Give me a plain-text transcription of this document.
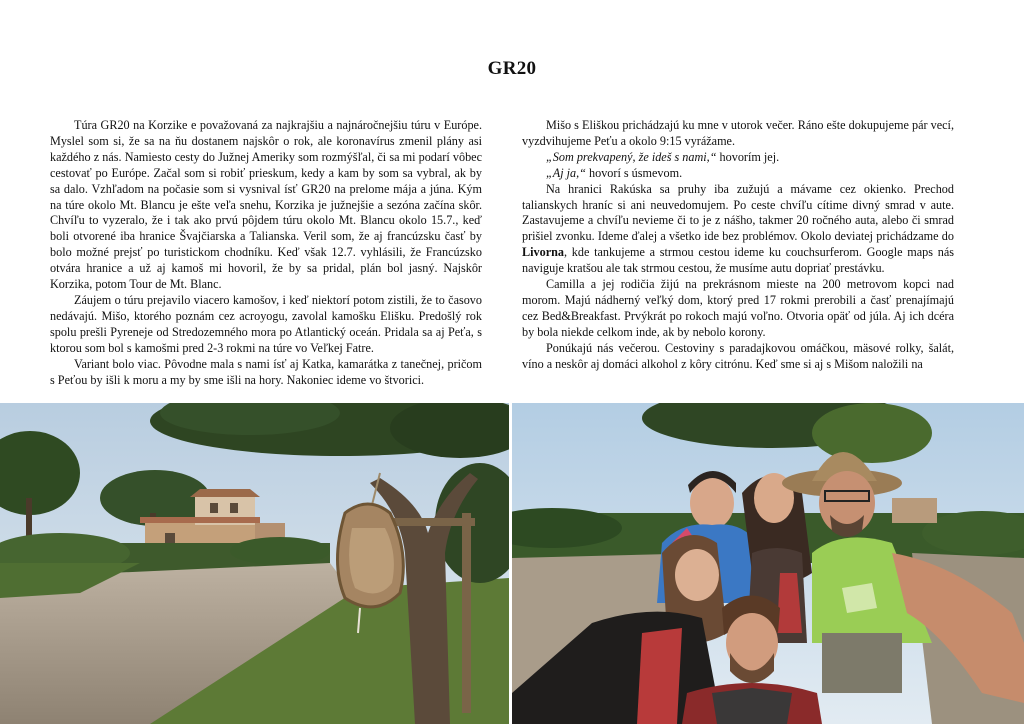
GR20

Túra GR20 na Korzike e považovaná za najkrajšiu a najnáročnejšiu túru v Európe. Myslel som si, že sa na ňu dostanem najskôr o rok, ale koronavírus zmenil plány asi každého z nás. Namiesto cesty do Južnej Ameriky som rozmýšľal, či sa mi podarí vôbec cestovať po Európe. Začal som si robiť prieskum, kedy a kam by som sa vybral, ak by sa dalo. Vzhľadom na počasie som si vysnival ísť GR20 na prelome mája a júna. Kým na túre okolo Mt. Blancu je ešte veľa snehu, Korzika je južnejšie a sezóna začína skôr. Chvíľu to vyzeralo, že i tak ako prvú pôjdem túru okolo Mt. Blancu okolo 15.7., keď boli otvorené iba hranice Švajčiarska a Talianska. Veril som, že aj francúzsku časť by bolo možné prejsť po turistickom chodníku. Keď však 12.7. vyhlásili, že Francúzsko otvára hranice a už aj kamoš mi hovoril, že by sa pridal, plán bol jasný. Najskôr Korzika, potom Tour de Mt. Blanc.

Záujem o túru prejavilo viacero kamošov, i keď niektorí potom zistili, že to časovo nedávajú. Mišo, ktorého poznám cez acroyogu, zavolal kamošku Elišku. Predošlý rok spolu prešli Pyreneje od Stredozemného mora po Atlantický oceán. Pridala sa aj Peťa, s ktorou som bol s kamošmi pred 2-3 rokmi na túre vo Veľkej Fatre.

Variant bolo viac. Pôvodne mala s nami ísť aj Katka, kamarátka z tanečnej, pričom s Peťou by išli k moru a my by sme išli na hory. Nakoniec ideme vo štvorici.

Mišo s Eliškou prichádzajú ku mne v utorok večer. Ráno ešte dokupujeme pár vecí, vyzdvihujeme Peťu a okolo 9:15 vyrážame.

„Som prekvapený, že ideš s nami,“ hovorím jej.

„Aj ja,“ hovorí s úsmevom.

Na hranici Rakúska sa pruhy iba zužujú a mávame cez okienko. Prechod talianskych hraníc si ani neuvedomujem. Po ceste chvíľu cítime divný smrad v aute. Zastavujeme a chvíľu nevieme či to je z nášho, takmer 20 ročného auta, alebo či smrad prišiel zvonku. Ideme ďalej a všetko ide bez problémov. Okolo deviatej prichádzame do Livorna, kde tankujeme a strmou cestou ideme ku couchsurferom. Google maps nás naviguje kratšou ale tak strmou cestou, že musíme autu dopriať prestávku.

Camilla a jej rodičia žijú na prekrásnom mieste na 200 metrovom kopci nad morom. Majú nádherný veľký dom, ktorý pred 17 rokmi prerobili a časť prenajímajú cez Bed&Breakfast. Prvýkrát po rokoch majú voľno. Otvoria opäť od júla. Aj ich dcéra by bola niekde celkom inde, ak by nebolo korony.

Ponúkajú nás večerou. Cestoviny s paradajkovou omáčkou, mäsové rolky, šalát, víno a neskôr aj domáci alkohol z kôry citrónu. Keď sme si aj s Mišom naložili na
